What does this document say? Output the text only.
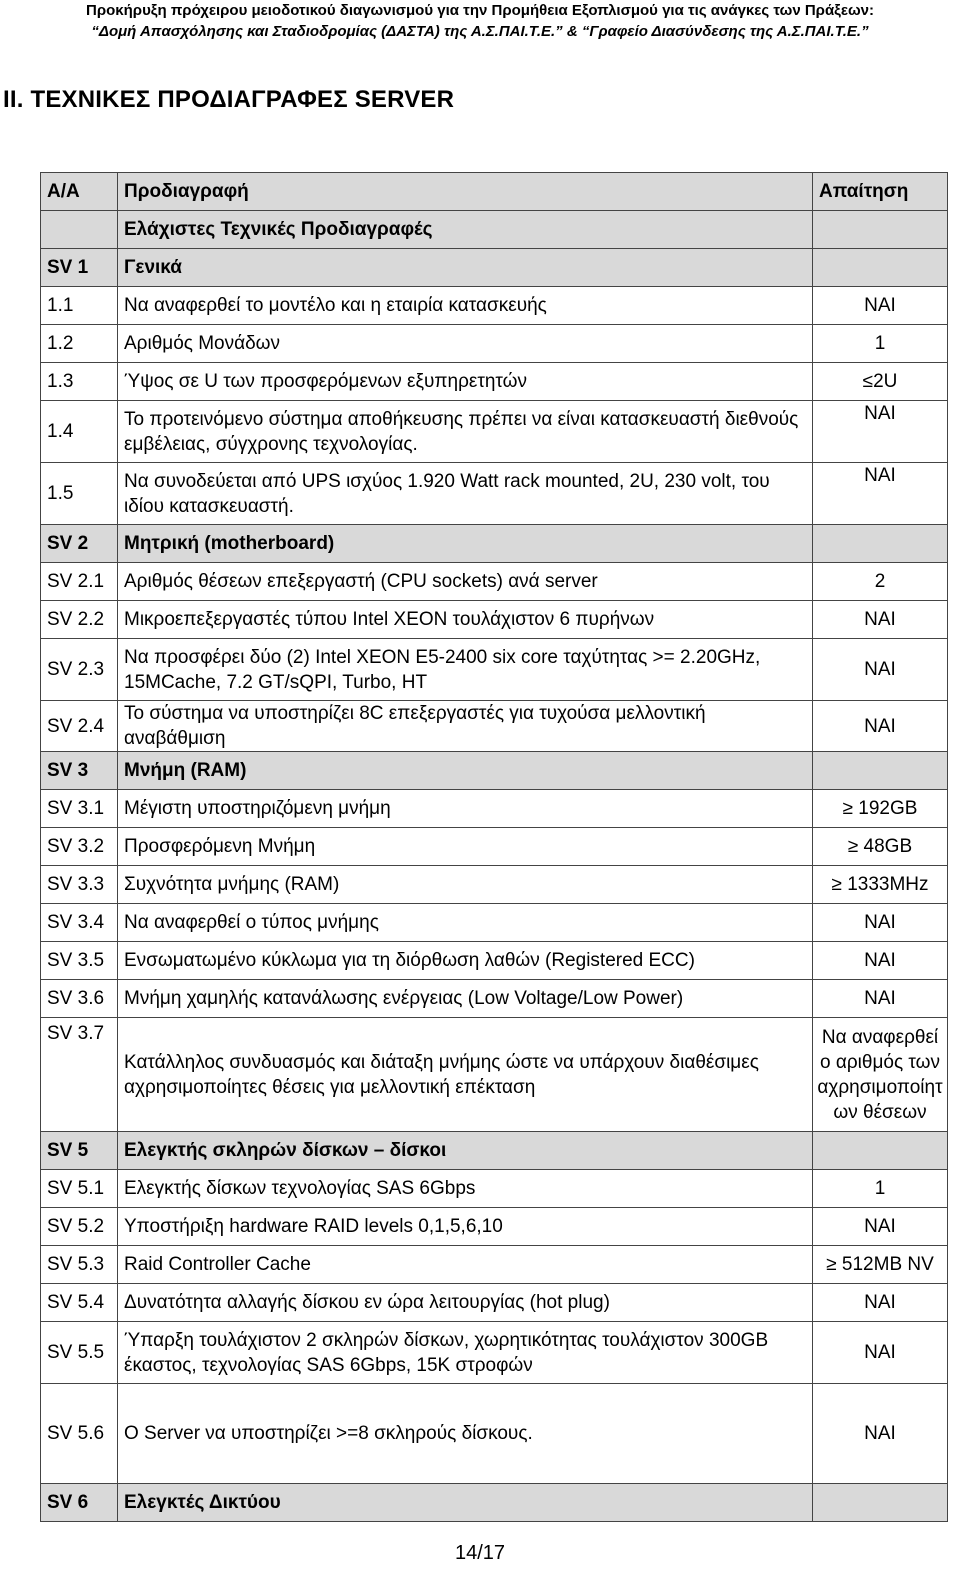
Προκήρυξη πρόχειρου μειοδοτικού διαγωνισμού για την Προμήθεια Εξοπλισμού για τις ανάγκες των Πράξεων:
“Δομή Απασχόλησης και Σταδιοδρομίας (ΔΑΣΤΑ) της Α.Σ.ΠΑΙ.Τ.Ε.” & “Γραφείο Διασύνδεσης της Α.Σ.ΠΑΙ.Τ.Ε.”
ΙΙ. ΤΕΧΝΙΚΕΣ ΠΡΟΔΙΑΓΡΑΦΕΣ SERVER
Α/Α	Προδιαγραφή	Απαίτηση
	Ελάχιστες Τεχνικές Προδιαγραφές	
SV 1	Γενικά	
1.1	Να αναφερθεί το μοντέλο και η εταιρία κατασκευής	ΝΑΙ
1.2	Αριθμός Μονάδων	1
1.3	Ύψος σε U των προσφερόμενων εξυπηρετητών	≤2U
1.4	Το προτεινόμενο σύστημα αποθήκευσης πρέπει να είναι κατασκευαστή διεθνούς εμβέλειας, σύγχρονης τεχνολογίας.	ΝΑΙ
1.5	Να συνοδεύεται από UPS ισχύος 1.920 Watt rack mounted, 2U, 230 volt, του ιδίου κατασκευαστή.	ΝΑΙ
SV 2	Μητρική (motherboard)	
SV 2.1	Αριθμός θέσεων επεξεργαστή (CPU sockets) ανά server	2
SV 2.2	Μικροεπεξεργαστές τύπου Intel XEON τουλάχιστον 6 πυρήνων	ΝΑΙ
SV 2.3	Να προσφέρει δύο (2) Intel XEON E5-2400 six core ταχύτητας >= 2.20GHz, 15MCache, 7.2 GT/sQPI, Turbo, HT	ΝΑΙ
SV 2.4	Το σύστημα να υποστηρίζει 8C επεξεργαστές για τυχούσα μελλοντική αναβάθμιση	ΝΑΙ
SV 3	Μνήμη (RAM)	
SV 3.1	Μέγιστη υποστηριζόμενη μνήμη	≥ 192GB
SV 3.2	Προσφερόμενη Μνήμη	≥ 48GB
SV 3.3	Συχνότητα μνήμης (RAM)	≥ 1333MHz
SV 3.4	Να αναφερθεί ο τύπος μνήμης	ΝΑΙ
SV 3.5	Ενσωματωμένο κύκλωμα για τη διόρθωση λαθών (Registered ECC)	ΝΑΙ
SV 3.6	Μνήμη χαμηλής κατανάλωσης ενέργειας (Low Voltage/Low Power)	ΝΑΙ
SV 3.7	Κατάλληλος συνδυασμός και διάταξη μνήμης ώστε να υπάρχουν διαθέσιμες αχρησιμοποίητες θέσεις για μελλοντική επέκταση	Να αναφερθεί ο αριθμός των αχρησιμοποίητ ων θέσεων
SV 5	Ελεγκτής σκληρών δίσκων – δίσκοι	
SV 5.1	Ελεγκτής δίσκων τεχνολογίας SAS 6Gbps	1
SV 5.2	Υποστήριξη hardware RAID levels 0,1,5,6,10	ΝΑΙ
SV 5.3	Raid Controller Cache	≥ 512MB NV
SV 5.4	Δυνατότητα αλλαγής δίσκου εν ώρα λειτουργίας (hot plug)	ΝΑΙ
SV 5.5	Ύπαρξη τουλάχιστον 2 σκληρών δίσκων, χωρητικότητας τουλάχιστον 300GB έκαστος, τεχνολογίας SAS 6Gbps, 15K στροφών	ΝΑΙ
SV 5.6	Ο Server να υποστηρίζει >=8 σκληρούς δίσκους.	ΝΑΙ
SV 6	Ελεγκτές Δικτύου	
14/17
